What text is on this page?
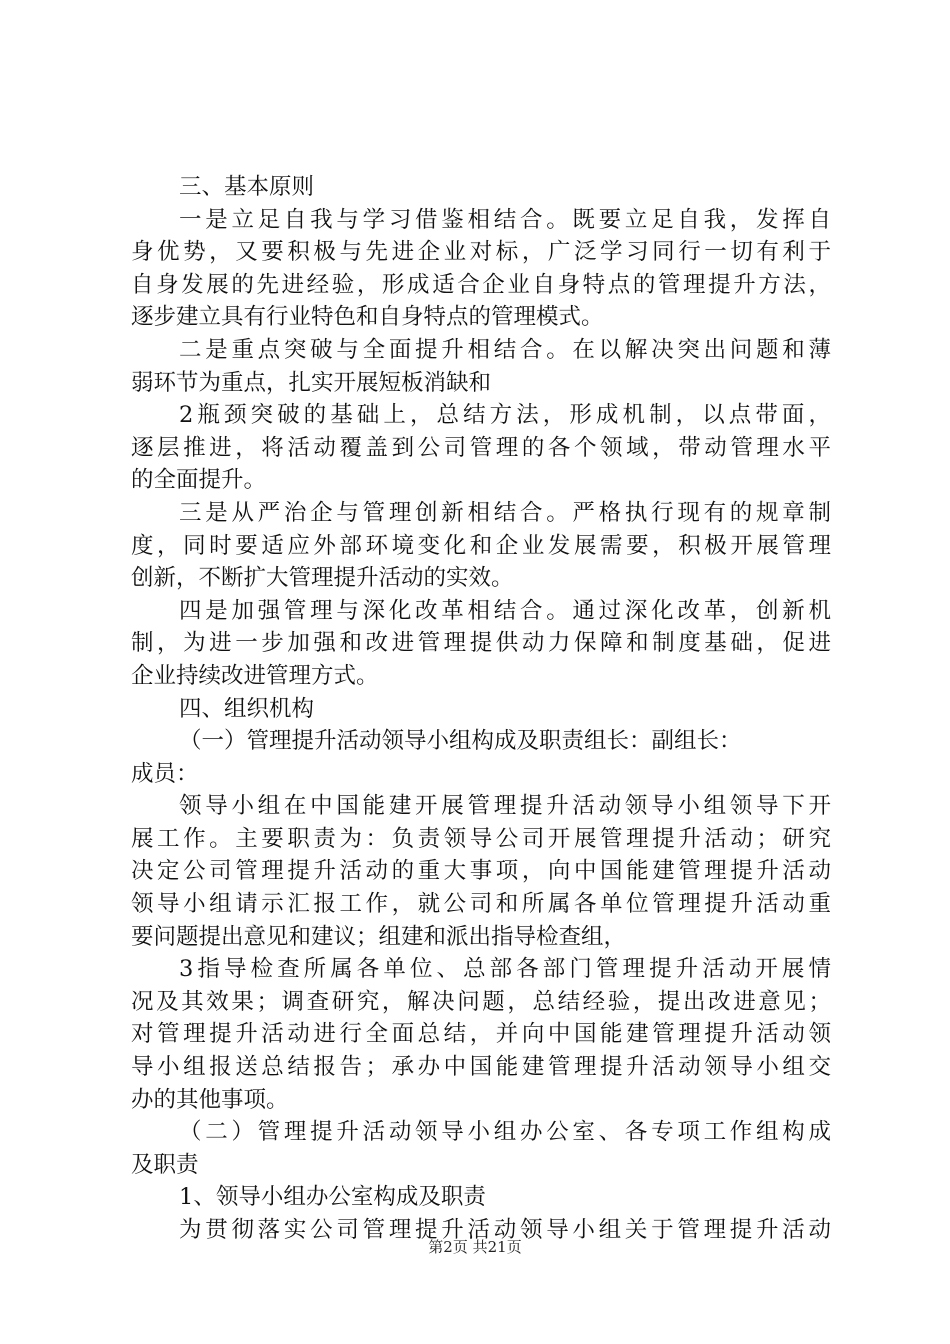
三、基本原则
一是立足自我与学习借鉴相结合。既要立足自我，发挥自
身优势，又要积极与先进企业对标，广泛学习同行一切有利于
自身发展的先进经验，形成适合企业自身特点的管理提升方法，
逐步建立具有行业特色和自身特点的管理模式。
二是重点突破与全面提升相结合。在以解决突出问题和薄
弱环节为重点，扎实开展短板消缺和
2瓶颈突破的基础上，总结方法，形成机制，以点带面，
逐层推进，将活动覆盖到公司管理的各个领域，带动管理水平
的全面提升。
三是从严治企与管理创新相结合。严格执行现有的规章制
度，同时要适应外部环境变化和企业发展需要，积极开展管理
创新，不断扩大管理提升活动的实效。
四是加强管理与深化改革相结合。通过深化改革，创新机
制，为进一步加强和改进管理提供动力保障和制度基础，促进
企业持续改进管理方式。
四、组织机构
（一）管理提升活动领导小组构成及职责组长：副组长：
成员：
领导小组在中国能建开展管理提升活动领导小组领导下开
展工作。主要职责为：负责领导公司开展管理提升活动；研究
决定公司管理提升活动的重大事项，向中国能建管理提升活动
领导小组请示汇报工作，就公司和所属各单位管理提升活动重
要问题提出意见和建议；组建和派出指导检查组，
3指导检查所属各单位、总部各部门管理提升活动开展情
况及其效果；调查研究，解决问题，总结经验，提出改进意见；
对管理提升活动进行全面总结，并向中国能建管理提升活动领
导小组报送总结报告；承办中国能建管理提升活动领导小组交
办的其他事项。
（二）管理提升活动领导小组办公室、各专项工作组构成
及职责
1、领导小组办公室构成及职责
为贯彻落实公司管理提升活动领导小组关于管理提升活动
第2页 共21页
